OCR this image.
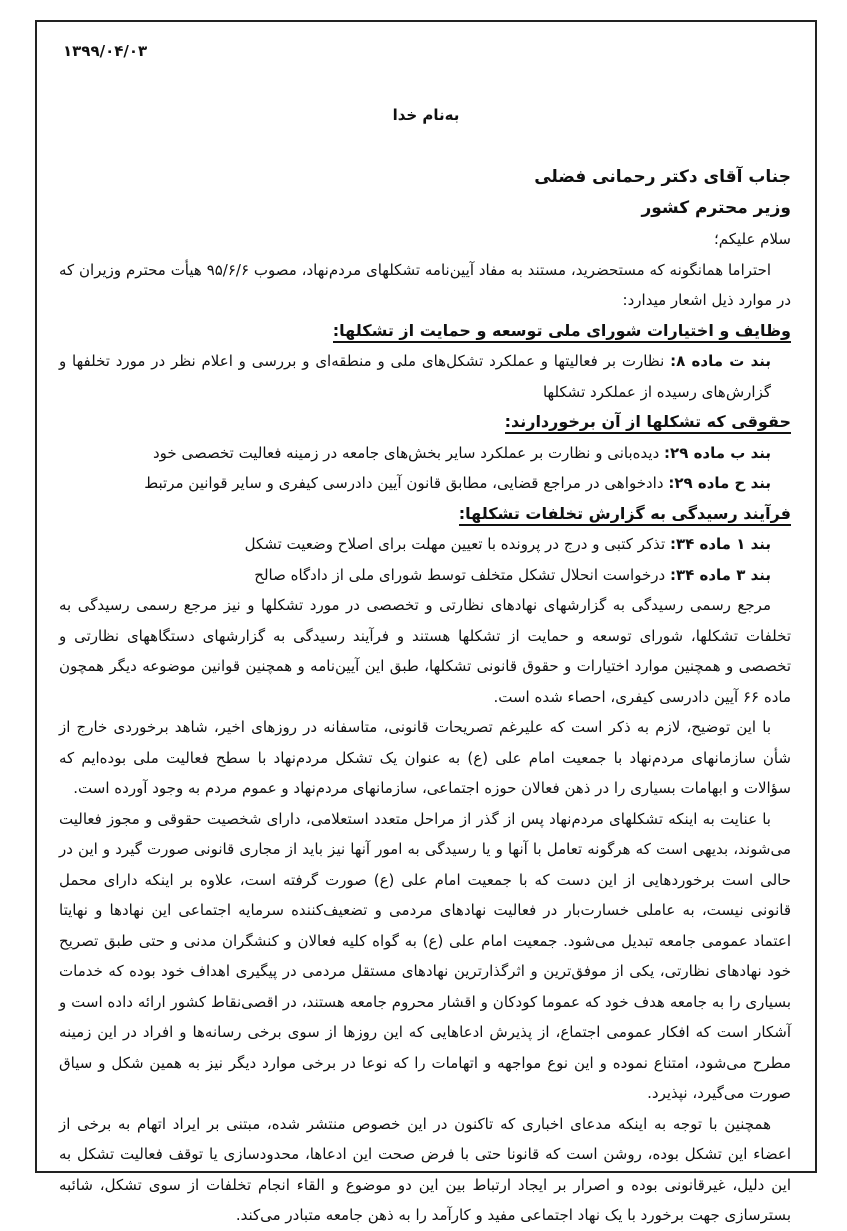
۱۳۹۹/۰۴/۰۳
به‌نام خدا

جناب آقای دکتر رحمانی فضلی

وزیر محترم کشور

سلام علیکم؛

احتراما همانگونه که مستحضرید، مستند به مفاد آیین‌نامه تشکلهای مردم‌نهاد، مصوب ۹۵/۶/۶ هیأت محترم وزیران که در موارد ذیل اشعار میدارد:

وظایف و اختیارات شورای ملی توسعه و حمایت از تشکلها:

بند ت ماده ۸: نظارت بر فعالیتها و عملکرد تشکل‌های ملی و منطقه‌ای و بررسی و اعلام نظر در مورد تخلفها و گزارش‌های رسیده از عملکرد تشکلها

حقوقی که تشکلها از آن برخوردارند:

بند ب ماده ۲۹: دیده‌بانی و نظارت بر عملکرد سایر بخش‌های جامعه در زمینه فعالیت تخصصی خود

بند ح ماده ۲۹: دادخواهی در مراجع قضایی، مطابق قانون آیین دادرسی کیفری و سایر قوانین مرتبط

فرآیند رسیدگی به گزارش تخلفات تشکلها:

بند ۱ ماده ۳۴: تذکر کتبی و درج در پرونده با تعیین مهلت برای اصلاح وضعیت تشکل

بند ۳ ماده ۳۴: درخواست انحلال تشکل متخلف توسط شورای ملی از دادگاه صالح

مرجع رسمی رسیدگی به گزارشهای نهادهای نظارتی و تخصصی در مورد تشکلها و نیز مرجع رسمی رسیدگی به تخلفات تشکلها، شورای توسعه و حمایت از تشکلها هستند و فرآیند رسیدگی به گزارشهای دستگاههای نظارتی و تخصصی و همچنین موارد اختیارات و حقوق قانونی تشکلها، طبق این آیین‌نامه و همچنین قوانین موضوعه دیگر همچون ماده ۶۶ آیین دادرسی کیفری، احصاء شده است.

با این توضیح، لازم به ذکر است که علیرغم تصریحات قانونی، متاسفانه در روزهای اخیر، شاهد برخوردی خارج از شأن سازمانهای مردم‌نهاد با جمعیت امام علی (ع) به عنوان یک تشکل مردم‌نهاد با سطح فعالیت ملی بوده‌ایم که سؤالات و ابهامات بسیاری را در ذهن فعالان حوزه اجتماعی، سازمانهای مردم‌نهاد و عموم مردم به وجود آورده است.

با عنایت به اینکه تشکلهای مردم‌نهاد پس از گذر از مراحل متعدد استعلامی، دارای شخصیت حقوقی و مجوز فعالیت می‌شوند، بدیهی است که هرگونه تعامل با آنها و یا رسیدگی به امور آنها نیز باید از مجاری قانونی صورت گیرد و این در حالی است برخوردهایی از این دست که با جمعیت امام علی (ع) صورت گرفته است، علاوه بر اینکه دارای محمل قانونی نیست، به عاملی خسارت‌بار در فعالیت نهادهای مردمی و تضعیف‌کننده سرمایه اجتماعی این نهادها و نهایتا اعتماد عمومی جامعه تبدیل می‌شود. جمعیت امام علی (ع) به گواه کلیه فعالان و کنشگران مدنی و حتی طبق تصریح خود نهادهای نظارتی، یکی از موفق‌ترین و اثرگذارترین نهادهای مستقل مردمی در پیگیری اهداف خود بوده که خدمات بسیاری را به جامعه هدف خود که عموما کودکان و اقشار محروم جامعه هستند، در اقصی‌نقاط کشور ارائه داده است و آشکار است که افکار عمومی اجتماع، از پذیرش ادعاهایی که این روزها از سوی برخی رسانه‌ها و افراد در این زمینه مطرح می‌شود، امتناع نموده و این نوع مواجهه و اتهامات را که نوعا در برخی موارد دیگر نیز به همین شکل و سیاق صورت می‌گیرد، نپذیرد.

همچنین با توجه به اینکه مدعای اخباری که تاکنون در این خصوص منتشر شده، مبتنی بر ایراد اتهام به برخی از اعضاء این تشکل بوده، روشن است که قانونا حتی با فرض صحت این ادعاها، محدودسازی یا توقف فعالیت تشکل به این دلیل، غیرقانونی بوده و اصرار بر ایجاد ارتباط بین این دو موضوع و القاء انجام تخلفات از سوی تشکل، شائبه بسترسازی جهت برخورد با یک نهاد اجتماعی مفید و کارآمد را به ذهن جامعه متبادر می‌کند.
